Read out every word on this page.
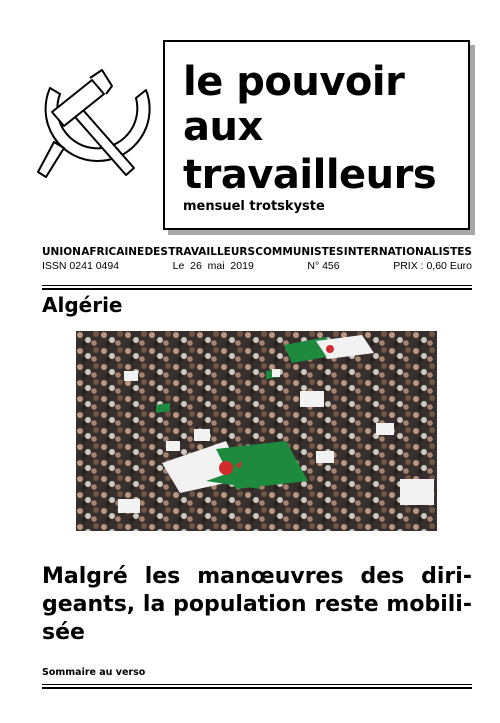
le pouvoir
aux
travailleurs
mensuel trotskyste
UNION AFRICAINE DES TRAVAILLEURS COMMUNISTES INTERNATIONALISTES
ISSN 0241 0494	Le  26  mai  2019	N° 456	PRIX : 0,60 Euro
Algérie
Malgré les manœuvres des diri-
geants, la population reste mobili-
sée
Sommaire au verso
